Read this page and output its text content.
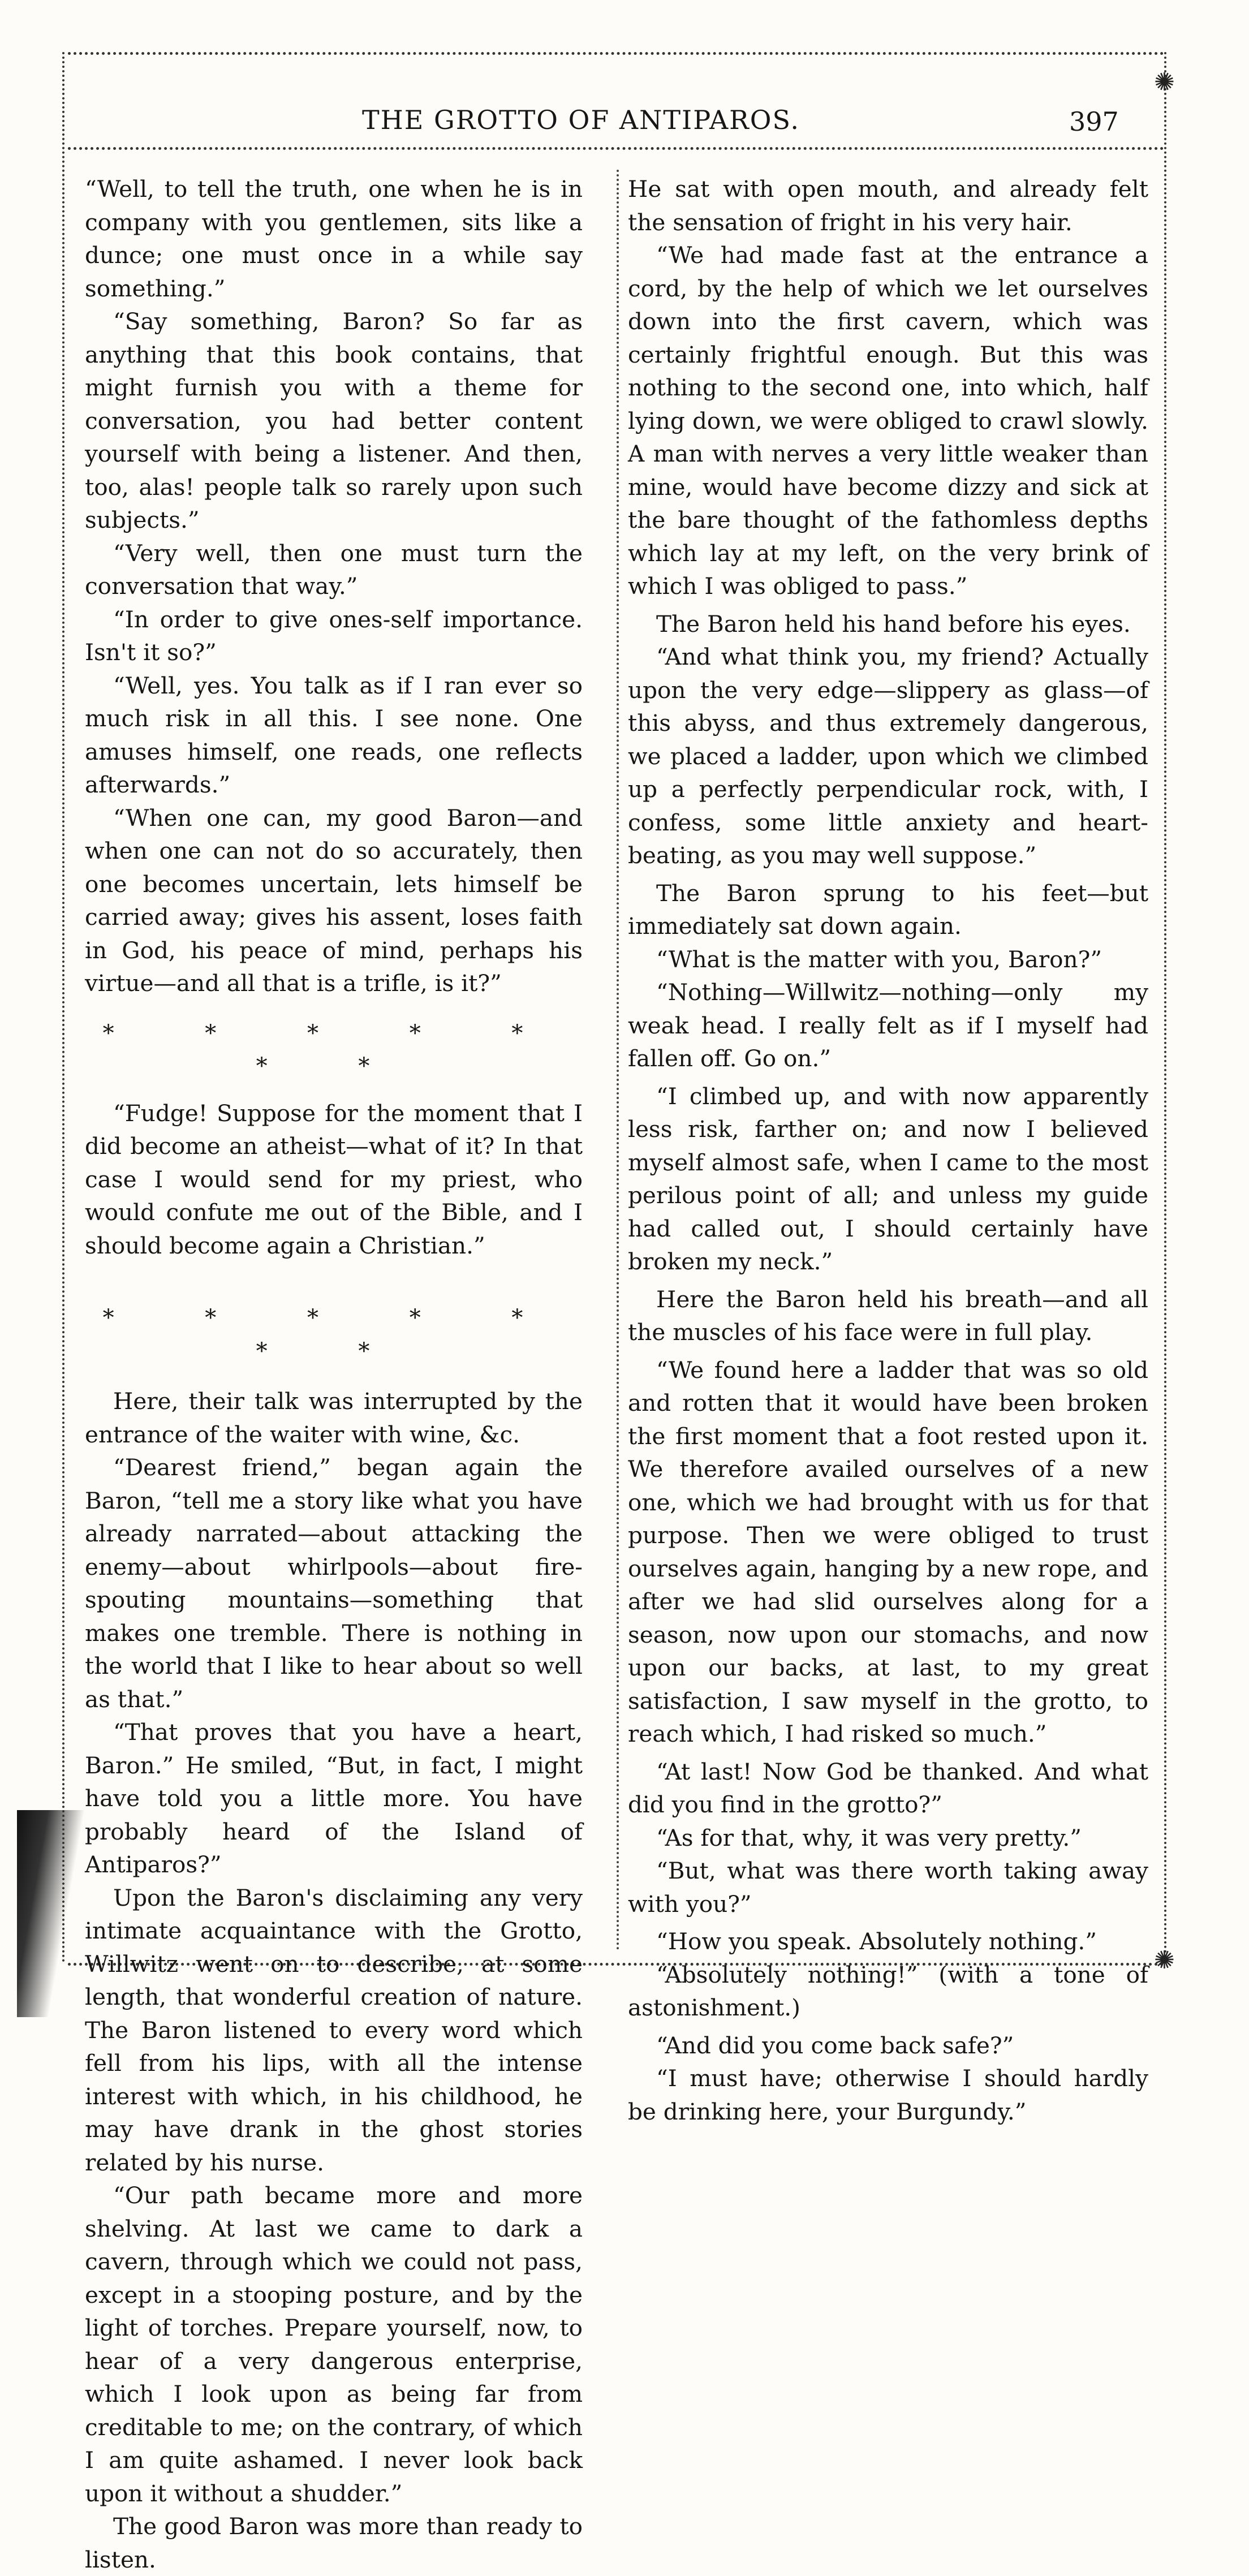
✺
✺
THE GROTTO OF ANTIPAROS.	397

“Well, to tell the truth, one when he is in company with you gentlemen, sits like a dunce; one must once in a while say something.”

“Say something, Baron? So far as anything that this book contains, that might furnish you with a theme for conversation, you had better content yourself with being a listener. And then, too, alas! people talk so rarely upon such subjects.”

“Very well, then one must turn the conversation that way.”

“In order to give ones-self importance. Isn't it so?”

“Well, yes. You talk as if I ran ever so much risk in all this. I see none. One amuses himself, one reads, one reflects afterwards.”

“When one can, my good Baron—and when one can not do so accurately, then one becomes uncertain, lets himself be carried away; gives his assent, loses faith in God, his peace of mind, perhaps his virtue—and all that is a trifle, is it?”

* * * * * * *

“Fudge! Suppose for the moment that I did become an atheist—what of it? In that case I would send for my priest, who would confute me out of the Bible, and I should become again a Christian.”

* * * * * * *

Here, their talk was interrupted by the entrance of the waiter with wine, &c.

“Dearest friend,” began again the Baron, “tell me a story like what you have already narrated—about attacking the enemy—about whirlpools—about fire-spouting mountains—something that makes one tremble. There is nothing in the world that I like to hear about so well as that.”

“That proves that you have a heart, Baron.” He smiled, “But, in fact, I might have told you a little more. You have probably heard of the Island of Antiparos?”

Upon the Baron's disclaiming any very intimate acquaintance with the Grotto, Willwitz went on to describe, at some length, that wonderful creation of nature. The Baron listened to every word which fell from his lips, with all the intense interest with which, in his childhood, he may have drank in the ghost stories related by his nurse.

“Our path became more and more shelving. At last we came to dark a cavern, through which we could not pass, except in a stooping posture, and by the light of torches. Prepare yourself, now, to hear of a very dangerous enterprise, which I look upon as being far from creditable to me; on the contrary, of which I am quite ashamed. I never look back upon it without a shudder.”

The good Baron was more than ready to listen.

He sat with open mouth, and already felt the sensation of fright in his very hair.

“We had made fast at the entrance a cord, by the help of which we let ourselves down into the first cavern, which was certainly frightful enough. But this was nothing to the second one, into which, half lying down, we were obliged to crawl slowly. A man with nerves a very little weaker than mine, would have become dizzy and sick at the bare thought of the fathomless depths which lay at my left, on the very brink of which I was obliged to pass.”

The Baron held his hand before his eyes.

“And what think you, my friend? Actually upon the very edge—slippery as glass—of this abyss, and thus extremely dangerous, we placed a ladder, upon which we climbed up a perfectly perpendicular rock, with, I confess, some little anxiety and heart-beating, as you may well suppose.”

The Baron sprung to his feet—but immediately sat down again.

“What is the matter with you, Baron?”

“Nothing—Willwitz—nothing—only my weak head. I really felt as if I myself had fallen off. Go on.”

“I climbed up, and with now apparently less risk, farther on; and now I believed myself almost safe, when I came to the most perilous point of all; and unless my guide had called out, I should certainly have broken my neck.”

Here the Baron held his breath—and all the muscles of his face were in full play.

“We found here a ladder that was so old and rotten that it would have been broken the first moment that a foot rested upon it. We therefore availed ourselves of a new one, which we had brought with us for that purpose. Then we were obliged to trust ourselves again, hanging by a new rope, and after we had slid ourselves along for a season, now upon our stomachs, and now upon our backs, at last, to my great satisfaction, I saw myself in the grotto, to reach which, I had risked so much.”

“At last! Now God be thanked. And what did you find in the grotto?”

“As for that, why, it was very pretty.”

“But, what was there worth taking away with you?”

“How you speak. Absolutely nothing.”

“Absolutely nothing!” (with a tone of astonishment.)

“And did you come back safe?”

“I must have; otherwise I should hardly be drinking here, your Burgundy.”
